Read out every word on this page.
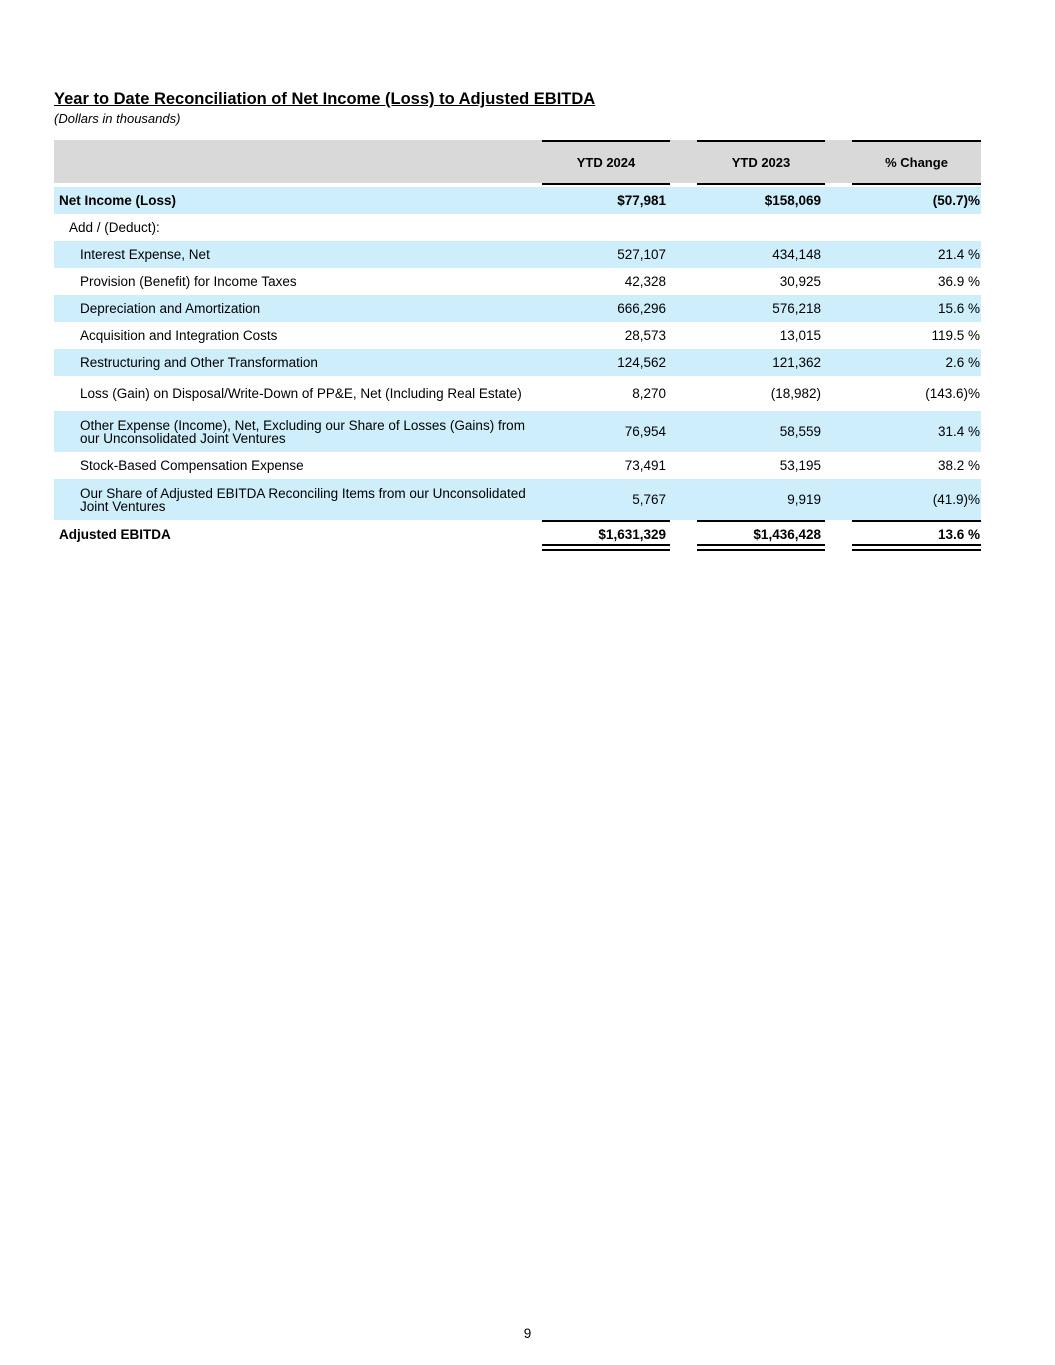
Year to Date Reconciliation of Net Income (Loss) to Adjusted EBITDA
(Dollars in thousands)
YTD 2024	YTD 2023	% Change
Net Income (Loss)	$77,981	$158,069	(50.7)%
Add / (Deduct):
Interest Expense, Net	527,107	434,148	21.4 %
Provision (Benefit) for Income Taxes	42,328	30,925	36.9 %
Depreciation and Amortization	666,296	576,218	15.6 %
Acquisition and Integration Costs	28,573	13,015	119.5 %
Restructuring and Other Transformation	124,562	121,362	2.6 %
Loss (Gain) on Disposal/Write-Down of PP&E, Net (Including Real Estate)	8,270	(18,982)	(143.6)%
Other Expense (Income), Net, Excluding our Share of Losses (Gains) from our Unconsolidated Joint Ventures	76,954	58,559	31.4 %
Stock-Based Compensation Expense	73,491	53,195	38.2 %
Our Share of Adjusted EBITDA Reconciling Items from our Unconsolidated Joint Ventures	5,767	9,919	(41.9)%
Adjusted EBITDA	$1,631,329	$1,436,428	13.6 %
9
